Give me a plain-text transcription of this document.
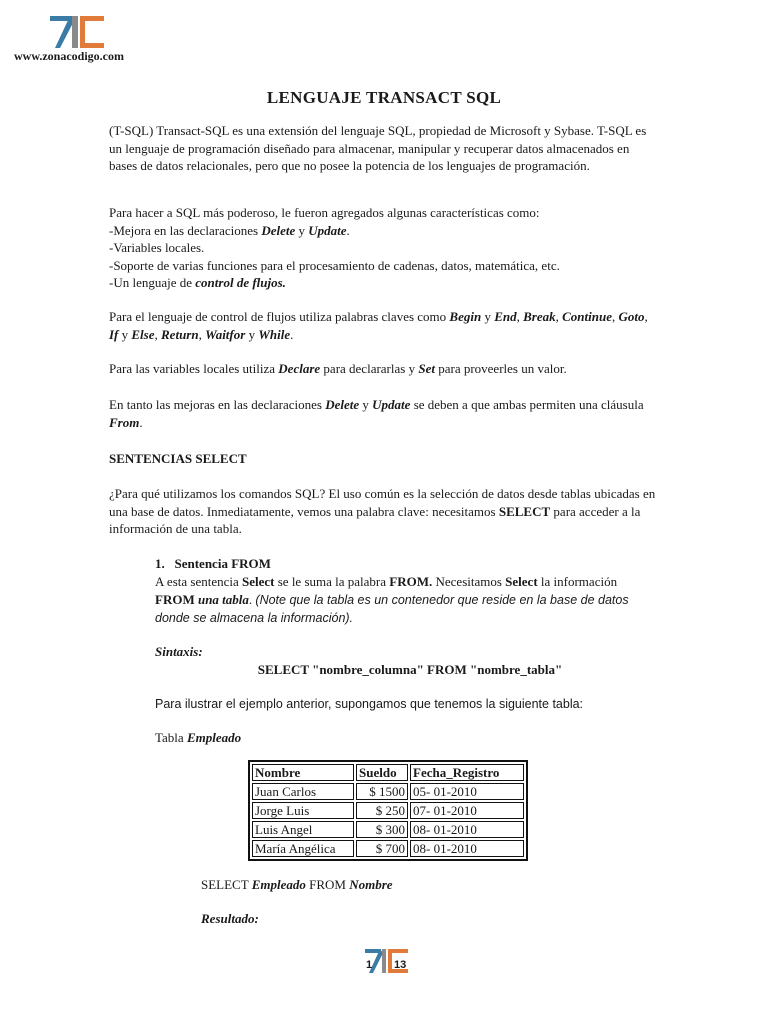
www.zonacodigo.com
LENGUAJE TRANSACT SQL

(T-SQL) Transact-SQL es una extensión del lenguaje SQL, propiedad de Microsoft y Sybase. T-SQL es un lenguaje de programación diseñado para almacenar, manipular y recuperar datos almacenados en bases de datos relacionales, pero que no posee la potencia de los lenguajes de programación.

Para hacer a SQL más poderoso, le fueron agregados algunas características como:
-Mejora en las declaraciones Delete y Update.
-Variables locales.
-Soporte de varias funciones para el procesamiento de cadenas, datos, matemática, etc.
-Un lenguaje de control de flujos.

Para el lenguaje de control de flujos utiliza palabras claves como Begin y End, Break, Continue, Goto, If y Else, Return, Waitfor y While.

Para las variables locales utiliza Declare para declararlas y Set para proveerles un valor.

En tanto las mejoras en las declaraciones Delete y Update se deben a que ambas permiten una cláusula From.

SENTENCIAS SELECT

¿Para qué utilizamos los comandos SQL? El uso común es la selección de datos desde tablas ubicadas en una base de datos. Inmediatamente, vemos una palabra clave: necesitamos SELECT para acceder a la información de una tabla.

1. Sentencia FROM

A esta sentencia Select se le suma la palabra FROM. Necesitamos Select la información FROM una tabla. (Note que la tabla es un contenedor que reside en la base de datos donde se almacena la información).

Sintaxis:

SELECT "nombre_columna" FROM "nombre_tabla"

Para ilustrar el ejemplo anterior, supongamos que tenemos la siguiente tabla:

Tabla Empleado

Nombre	Sueldo	Fecha_Registro
Juan Carlos	$ 1500	05- 01-2010
Jorge Luis	$ 250	07- 01-2010
Luis Angel	$ 300	08- 01-2010
María Angélica	$ 700	08- 01-2010

SELECT Empleado FROM Nombre

Resultado:

1 13
